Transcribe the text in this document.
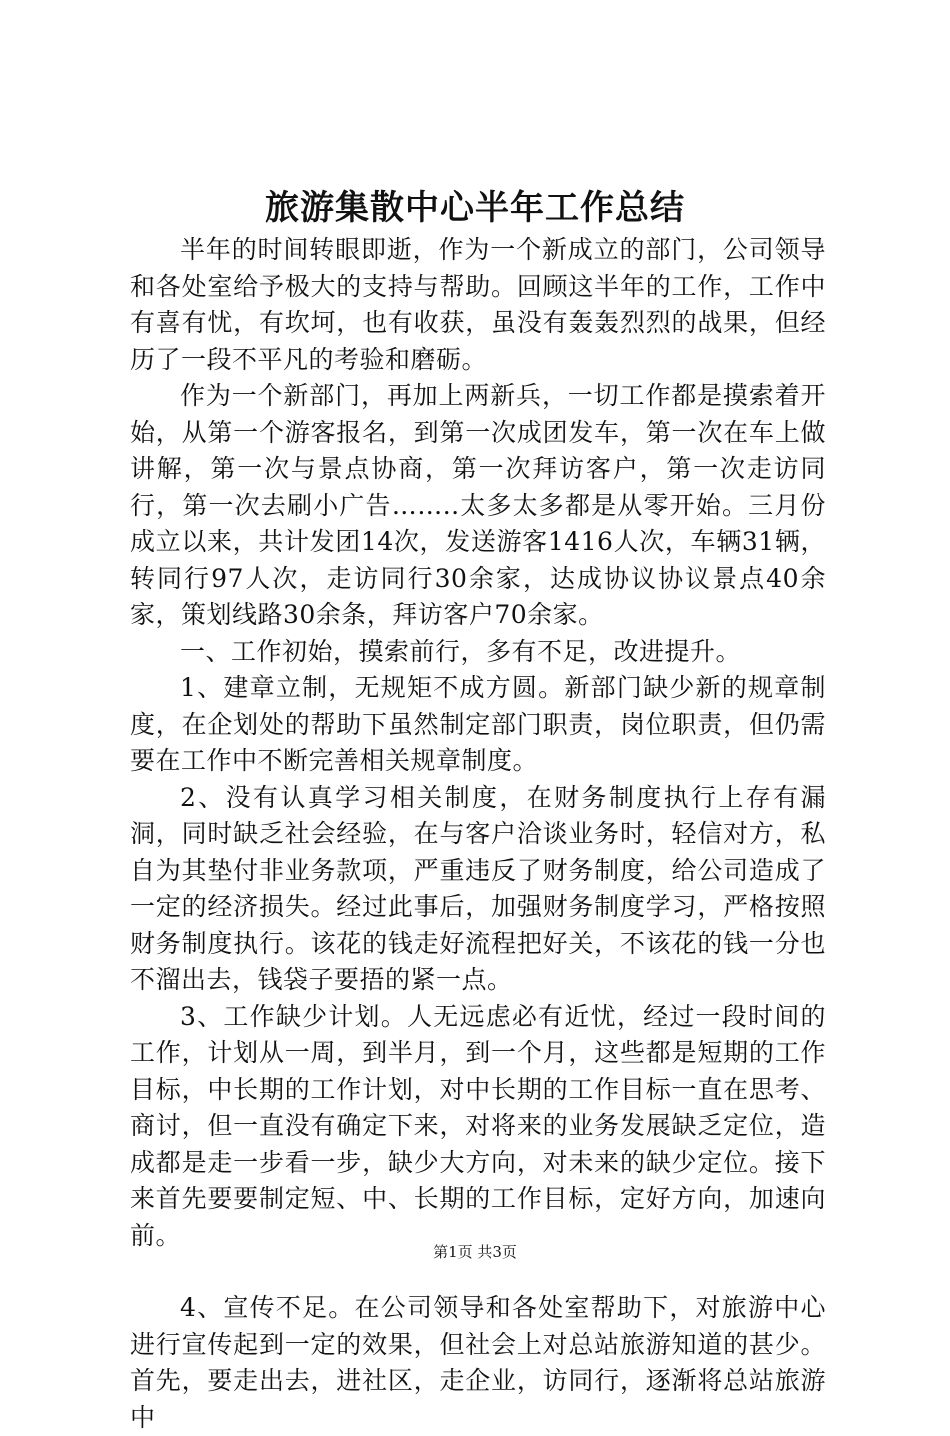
旅游集散中心半年工作总结

半年的时间转眼即逝，作为一个新成立的部门，公司领导和各处室给予极大的支持与帮助。回顾这半年的工作，工作中有喜有忧，有坎坷，也有收获，虽没有轰轰烈烈的战果，但经历了一段不平凡的考验和磨砺。

作为一个新部门，再加上两新兵，一切工作都是摸索着开始，从第一个游客报名，到第一次成团发车，第一次在车上做讲解，第一次与景点协商，第一次拜访客户，第一次走访同行，第一次去刷小广告……..太多太多都是从零开始。三月份成立以来，共计发团14次，发送游客1416人次，车辆31辆，转同行97人次，走访同行30余家，达成协议协议景点40余家，策划线路30余条，拜访客户70余家。

一、工作初始，摸索前行，多有不足，改进提升。

1、建章立制，无规矩不成方圆。新部门缺少新的规章制度，在企划处的帮助下虽然制定部门职责，岗位职责，但仍需要在工作中不断完善相关规章制度。

2、没有认真学习相关制度，在财务制度执行上存有漏洞，同时缺乏社会经验，在与客户洽谈业务时，轻信对方，私自为其垫付非业务款项，严重违反了财务制度，给公司造成了一定的经济损失。经过此事后，加强财务制度学习，严格按照财务制度执行。该花的钱走好流程把好关，不该花的钱一分也不溜出去，钱袋子要捂的紧一点。

3、工作缺少计划。人无远虑必有近忧，经过一段时间的工作，计划从一周，到半月，到一个月，这些都是短期的工作目标，中长期的工作计划，对中长期的工作目标一直在思考、商讨，但一直没有确定下来，对将来的业务发展缺乏定位，造成都是走一步看一步，缺少大方向，对未来的缺少定位。接下来首先要要制定短、中、长期的工作目标，定好方向，加速向前。

4、宣传不足。在公司领导和各处室帮助下，对旅游中心进行宣传起到一定的效果，但社会上对总站旅游知道的甚少。首先，要走出去，进社区，走企业，访同行，逐渐将总站旅游中

第1页 共3页
